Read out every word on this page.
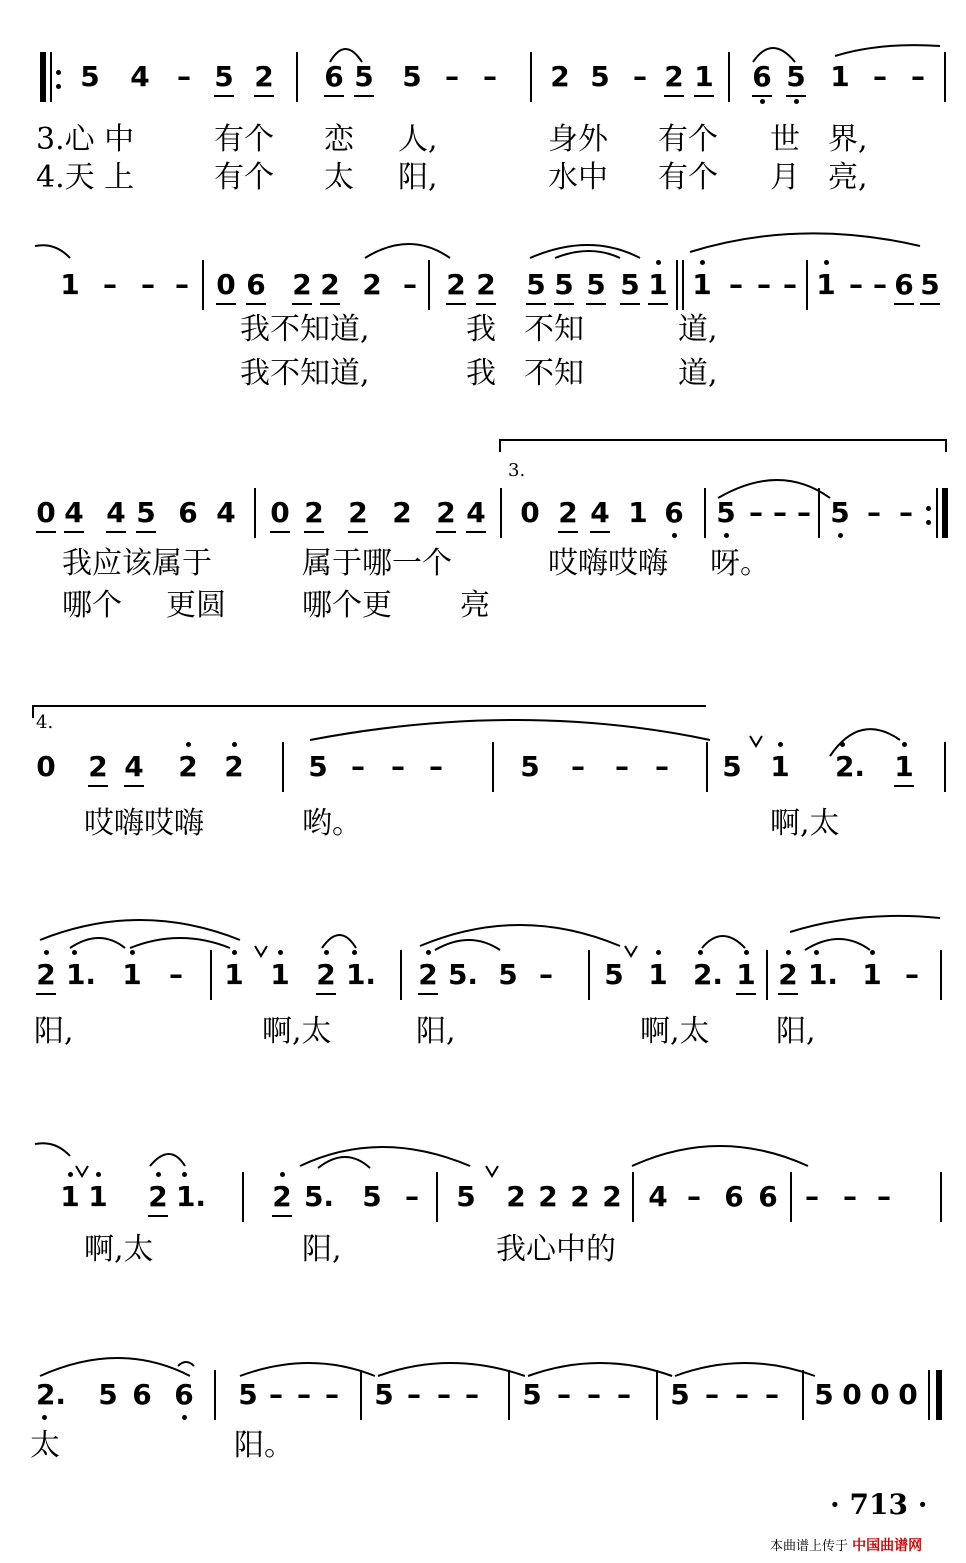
5 4 – 5 2 6 5 5 – – 2 5 – 2 1 6 5 1 – –
3.心 中	有个 恋 人,	身外 有个 世 界,
4.天 上	有个 太 阳,	水中 有个 月 亮,
1 – – – 0 6 2 2 2 – 2 2 5 5 5 5 1 1 – – – 1 – – 6 5
我不知道,	我 不知	道,
我不知道,	我 不知	道,
3.
0 4 4 5 6 4 0 2 2 2 2 4 0 2 4 1 6 5 – – – 5 – –
我应该属于	属于哪一个	哎嗨哎嗨 呀。
哪个 更圆	哪个更 亮
4.
0 2 4 2 2 5 – – –	5 – – – 5 1 2. 1
哎嗨哎嗨	哟。	啊,太
2 1. 1 – 1 1 2 1. 2 5. 5 – 5 1 2. 1 2 1. 1 –
阳,	啊,太	阳,	啊,太 阳,
1 1 2 1. 2 5. 5 – 5 2 2 2 2 4 – 6 6 – – –
啊,太	阳,	我心中的
2. 5 6 6 5 – – – 5 – – – 5 – – – 5 – – – 5 0 0 0
太	阳。
· 713 ·
本曲谱上传于 中国曲谱网
